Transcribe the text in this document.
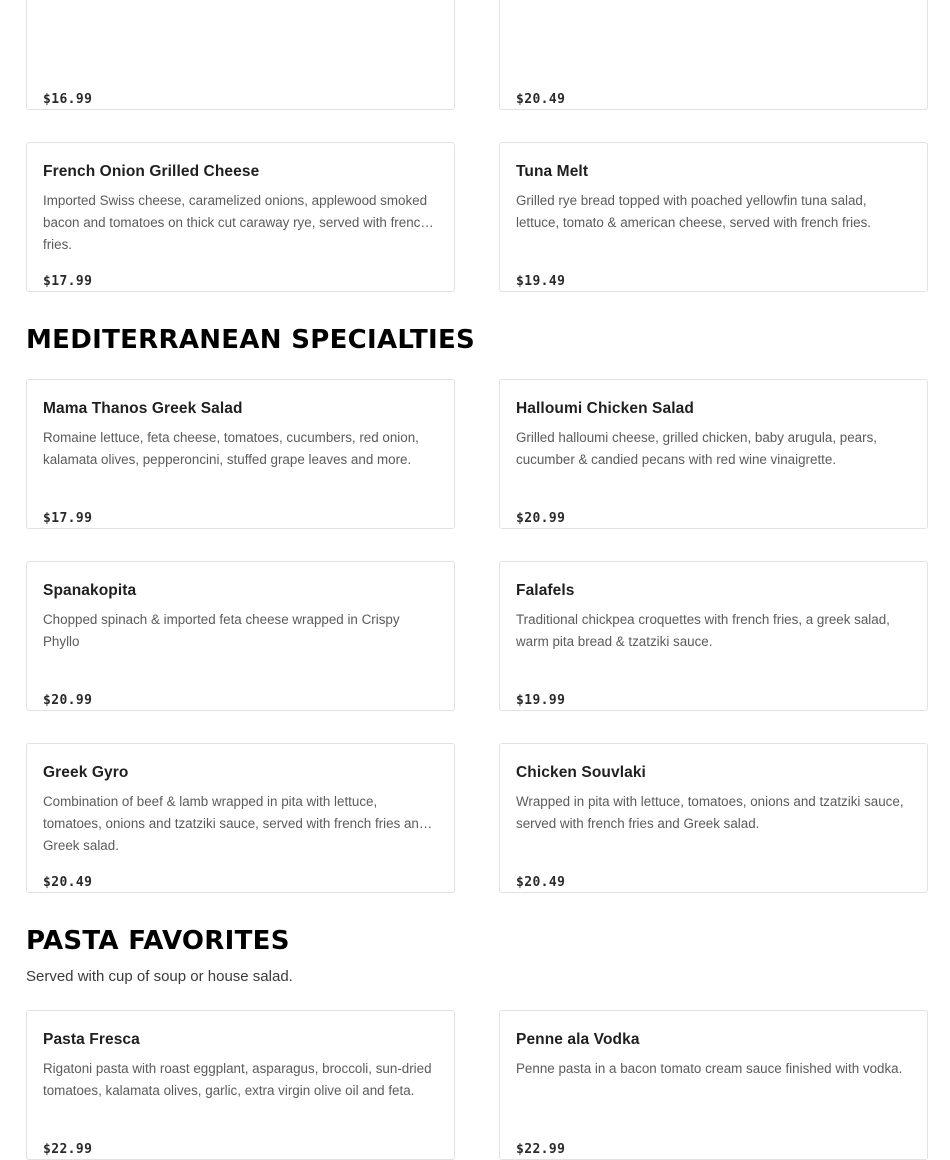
$16.99	$20.49
French Onion Grilled Cheese
Imported Swiss cheese, caramelized onions, applewood smoked bacon and tomatoes on thick cut caraway rye, served with french fries.
$17.99
Tuna Melt
Grilled rye bread topped with poached yellowfin tuna salad, lettuce, tomato & american cheese, served with french fries.
$19.49
MEDITERRANEAN SPECIALTIES
Mama Thanos Greek Salad
Romaine lettuce, feta cheese, tomatoes, cucumbers, red onion, kalamata olives, pepperoncini, stuffed grape leaves and more.
$17.99
Halloumi Chicken Salad
Grilled halloumi cheese, grilled chicken, baby arugula, pears, cucumber & candied pecans with red wine vinaigrette.
$20.99
Spanakopita
Chopped spinach & imported feta cheese wrapped in Crispy Phyllo
$20.99
Falafels
Traditional chickpea croquettes with french fries, a greek salad, warm pita bread & tzatziki sauce.
$19.99
Greek Gyro
Combination of beef & lamb wrapped in pita with lettuce, tomatoes, onions and tzatziki sauce, served with french fries and Greek salad.
$20.49
Chicken Souvlaki
Wrapped in pita with lettuce, tomatoes, onions and tzatziki sauce, served with french fries and Greek salad.
$20.49
PASTA FAVORITES
Served with cup of soup or house salad.
Pasta Fresca
Rigatoni pasta with roast eggplant, asparagus, broccoli, sun-dried tomatoes, kalamata olives, garlic, extra virgin olive oil and feta.
$22.99
Penne ala Vodka
Penne pasta in a bacon tomato cream sauce finished with vodka.
$22.99
